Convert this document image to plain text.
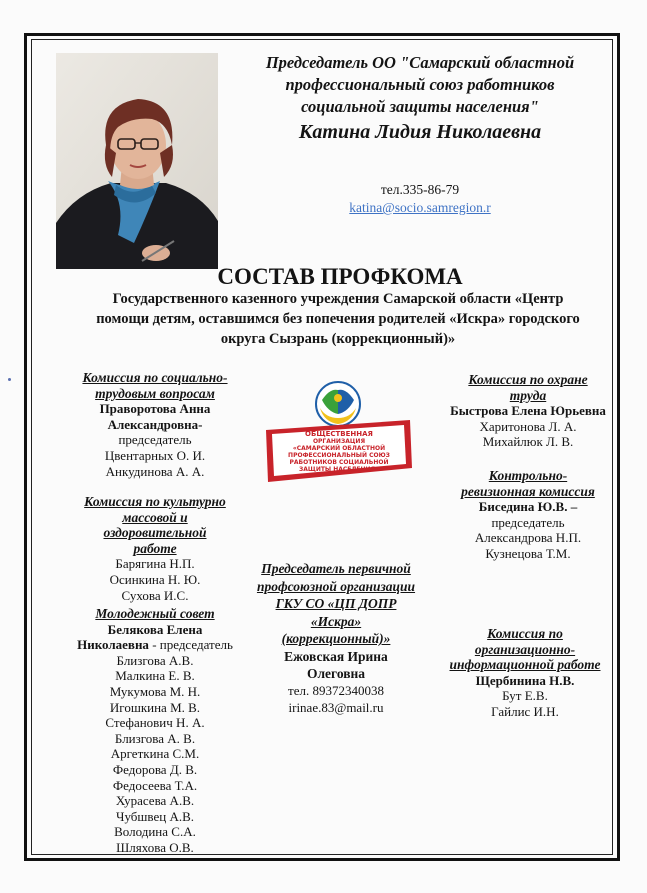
Председатель ОО "Самарский областной
профессиональный союз работников
социальной защиты населения"
Катина Лидия Николаевна
тел.335-86-79
katina@socio.samregion.r
СОСТАВ ПРОФКОМА
Государственного казенного учреждения Самарской области «Центр
помощи детям, оставшимся без попечения родителей «Искра» городского
округа Сызрань (коррекционный)»
Комиссия по социально-
трудовым вопросам
Праворотова Анна
Александровна-
председатель
Цвентарных О. И.
Анкудинова А. А.
Комиссия по культурно
массовой и
оздоровительной
работе
Барягина Н.П.
Осинкина Н. Ю.
Сухова И.С.
Молодежный совет
Белякова Елена
Николаевна - председатель
Близгова А.В.
Малкина Е. В.
Мукумова М. Н.
Игошкина М. В.
Стефанович Н. А.
Близгова А. В.
Аргеткина С.М.
Федорова Д. В.
Федосеева Т.А.
Хурасева А.В.
Чубшвец А.В.
Володина С.А.
Шляхова О.В.
Комиссия по охране
труда
Быстрова Елена Юрьевна
Харитонова Л. А.
Михайлюк Л. В.
Контрольно-
ревизионная комиссия
Биседина Ю.В. –
председатель
Александрова Н.П.
Кузнецова Т.М.
Комиссия по
организационно-
информационной работе
Щербинина Н.В.
Бут Е.В.
Гайлис И.Н.
Председатель первичной
профсоюзной организации
ГКУ СО «ЦП ДОПР
«Искра»
(коррекционный)»
Ежовская Ирина
Олеговна
тел. 89372340038
irinae.83@mail.ru
ОБЩЕСТВЕННАЯ
ОРГАНИЗАЦИЯ
«САМАРСКИЙ ОБЛАСТНОЙ
ПРОФЕССИОНАЛЬНЫЙ СОЮЗ
РАБОТНИКОВ СОЦИАЛЬНОЙ
ЗАЩИТЫ НАСЕЛЕНИЯ»
